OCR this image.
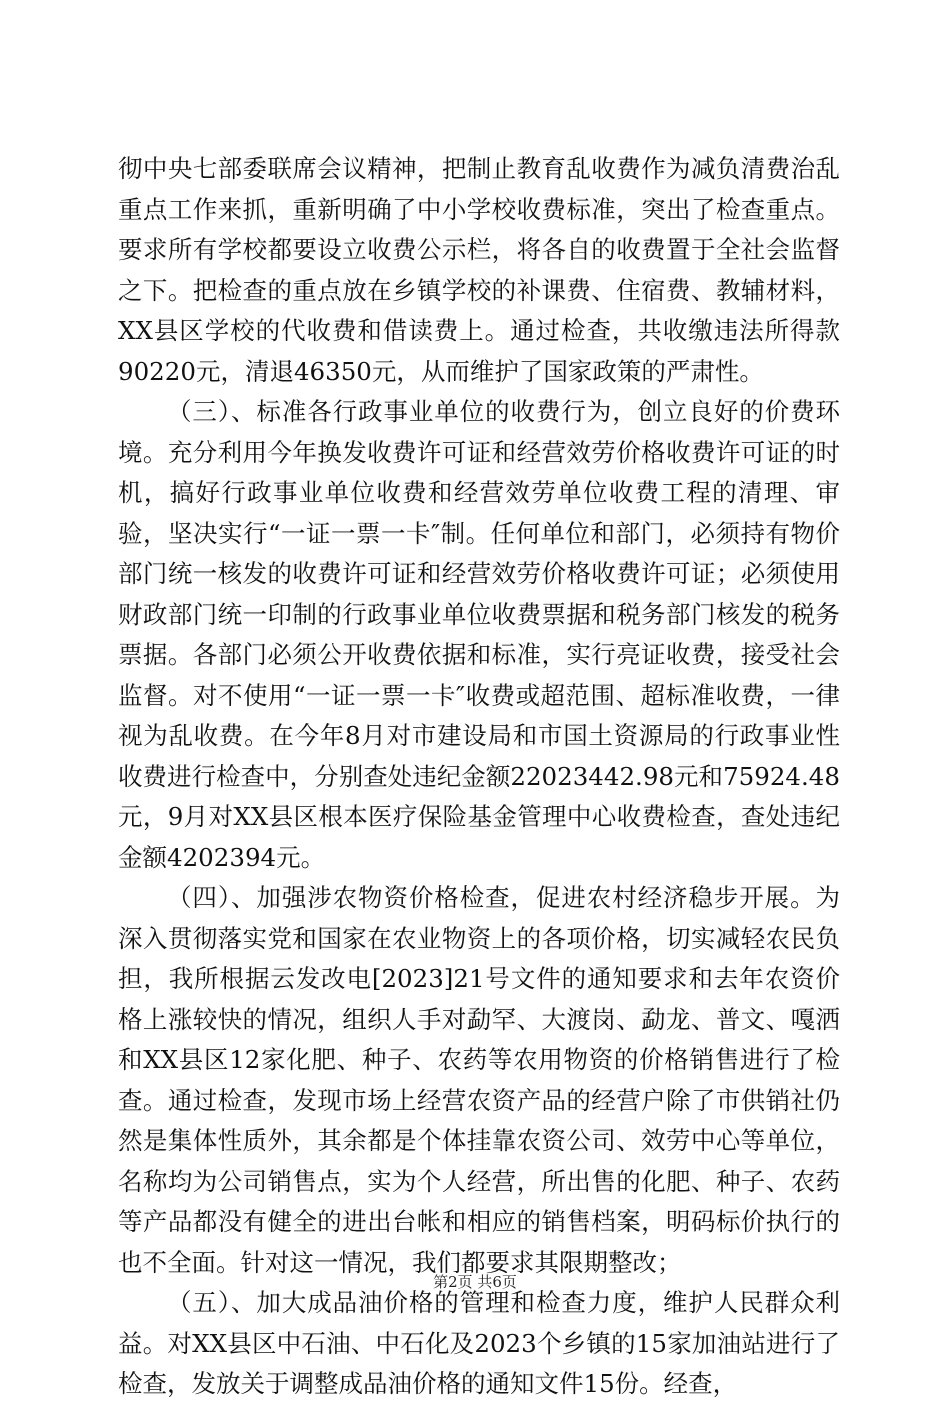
彻中央七部委联席会议精神，把制止教育乱收费作为减负清费治乱重点工作来抓，重新明确了中小学校收费标准，突出了检查重点。要求所有学校都要设立收费公示栏，将各自的收费置于全社会监督之下。把检查的重点放在乡镇学校的补课费、住宿费、教辅材料，XX县区学校的代收费和借读费上。通过检查，共收缴违法所得款90220元，清退46350元，从而维护了国家政策的严肃性。

（三）、标准各行政事业单位的收费行为，创立良好的价费环境。充分利用今年换发收费许可证和经营效劳价格收费许可证的时机，搞好行政事业单位收费和经营效劳单位收费工程的清理、审验，坚决实行“一证一票一卡″制。任何单位和部门，必须持有物价部门统一核发的收费许可证和经营效劳价格收费许可证；必须使用财政部门统一印制的行政事业单位收费票据和税务部门核发的税务票据。各部门必须公开收费依据和标准，实行亮证收费，接受社会监督。对不使用“一证一票一卡″收费或超范围、超标准收费，一律视为乱收费。在今年8月对市建设局和市国土资源局的行政事业性收费进行检查中，分别查处违纪金额22023442.98元和75924.48元，9月对XX县区根本医疗保险基金管理中心收费检查，查处违纪金额4202394元。

（四）、加强涉农物资价格检查，促进农村经济稳步开展。为深入贯彻落实党和国家在农业物资上的各项价格，切实减轻农民负担，我所根据云发改电[2023]21号文件的通知要求和去年农资价格上涨较快的情况，组织人手对勐罕、大渡岗、勐龙、普文、嘎洒和XX县区12家化肥、种子、农药等农用物资的价格销售进行了检查。通过检查，发现市场上经营农资产品的经营户除了市供销社仍然是集体性质外，其余都是个体挂靠农资公司、效劳中心等单位，名称均为公司销售点，实为个人经营，所出售的化肥、种子、农药等产品都没有健全的进出台帐和相应的销售档案，明码标价执行的也不全面。针对这一情况，我们都要求其限期整改；

（五）、加大成品油价格的管理和检查力度，维护人民群众利益。对XX县区中石油、中石化及2023个乡镇的15家加油站进行了检查，发放关于调整成品油价格的通知文件15份。经查，

第2页 共6页
